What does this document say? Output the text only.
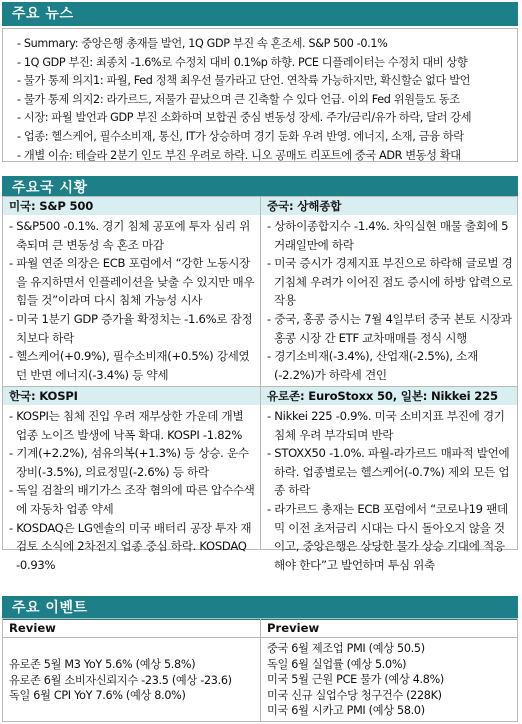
주요 뉴스
- Summary: 중앙은행 총재들 발언, 1Q GDP 부진 속 혼조세. S&P 500 -0.1%
- 1Q GDP 부진: 최종치 -1.6%로 수정치 대비 0.1%p 하향. PCE 디플레이터는 수정치 대비 상향
- 물가 통제 의지1: 파월, Fed 정책 최우선 물가라고 단언. 연착륙 가능하지만, 확신할순 없다 발언
- 물가 통제 의지2: 라가르드, 저물가 끝났으며 큰 긴축할 수 있다 언급. 이외 Fed 위원들도 동조
- 시장: 파월 발언과 GDP 부진 소화하며 보합권 중심 변동성 장세. 주가/금리/유가 하락, 달러 강세
- 업종: 헬스케어, 필수소비재, 통신, IT가 상승하며 경기 둔화 우려 반영. 에너지, 소재, 금융 하락
- 개별 이슈: 테슬라 2분기 인도 부진 우려로 하락. 니오 공매도 리포트에 중국 ADR 변동성 확대
주요국 시황
미국: S&P 500
- S&P500 -0.1%. 경기 침체 공포에 투자 심리 위축되며 큰 변동성 속 혼조 마감
- 파월 연준 의장은 ECB 포럼에서 “강한 노동시장을 유지하면서 인플레이션을 낮출 수 있지만 매우 힘들 것”이라며 다시 침체 가능성 시사
- 미국 1분기 GDP 증가율 확정치는 -1.6%로 잠정치보다 하락
- 헬스케어(+0.9%), 필수소비재(+0.5%) 강세였던 반면 에너지(-3.4%) 등 약세
중국: 상해종합
- 상하이종합지수 -1.4%. 차익실현 매물 출회에 5거래일만에 하락
- 미국 증시가 경제지표 부진으로 하락해 글로벌 경기침체 우려가 이어진 점도 증시에 하방 압력으로 작용
- 중국, 홍콩 증시는 7월 4일부터 중국 본토 시장과 홍콩 시장 간 ETF 교차매매를 정식 시행
- 경기소비재(-3.4%), 산업재(-2.5%), 소재(-2.2%)가 하락세 견인
한국: KOSPI
- KOSPI는 침체 진입 우려 재부상한 가운데 개별 업종 노이즈 발생에 낙폭 확대. KOSPI -1.82%
- 기계(+2.2%), 섬유의복(+1.3%) 등 상승. 운수장비(-3.5%), 의료정밀(-2.6%) 등 하락
- 독일 검찰의 배기가스 조작 혐의에 따른 압수수색 에 자동차 업종 약세
- KOSDAQ은 LG엔솔의 미국 배터리 공장 투자 재검토 소식에 2차전지 업종 중심 하락. KOSDAQ -0.93%
유로존: EuroStoxx 50, 일본: Nikkei 225
- Nikkei 225 -0.9%. 미국 소비지표 부진에 경기 침체 우려 부각되며 반락
- STOXX50 -1.0%. 파월-라가르드 매파적 발언에 하락. 업종별로는 헬스케어(-0.7%) 제외 모든 업종 하락
- 라가르드 총재는 ECB 포럼에서 “코로나19 팬데믹 이전 초저금리 시대는 다시 돌아오지 않을 것이고, 중앙은행은 상당한 물가 상승 기대에 적응해야 한다”고 발언하며 투심 위축
주요 이벤트
Review	Preview
유로존 5월 M3 YoY 5.6% (예상 5.8%)
유로존 6월 소비자신뢰지수 -23.5 (예상 -23.6)
독일 6월 CPI YoY 7.6% (예상 8.0%)
중국 6월 제조업 PMI (예상 50.5)
독일 6월 실업률 (예상 5.0%)
미국 5월 근원 PCE 물가 (예상 4.8%)
미국 신규 실업수당 청구건수 (228K)
미국 6월 시카고 PMI (예상 58.0)
